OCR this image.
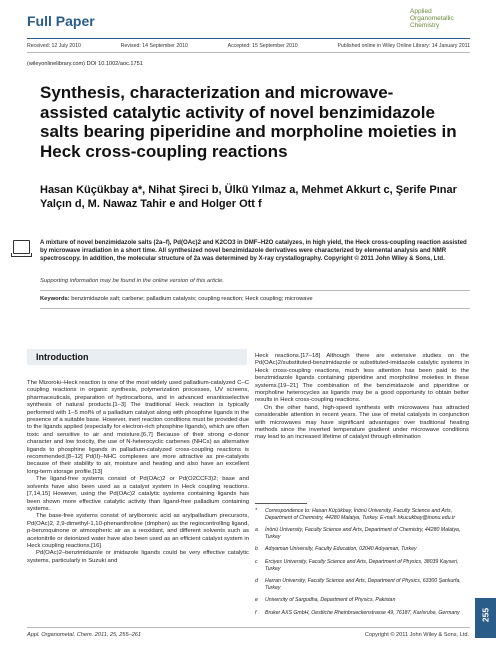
Full Paper
Applied
Organometallic
Chemistry
Received: 12 July 2010	Revised: 14 September 2010	Accepted: 15 September 2010	Published online in Wiley Online Library: 14 January 2011
(wileyonlinelibrary.com) DOI 10.1002/aoc.1751
Synthesis, characterization and microwave-assisted catalytic activity of novel benzimidazole salts bearing piperidine and morpholine moieties in Heck cross-coupling reactions
Hasan Küçükbay a*, Nihat Şireci b, Ülkü Yılmaz a, Mehmet Akkurt c, Şerife Pınar Yalçın d, M. Nawaz Tahir e and Holger Ott f
A mixture of novel benzimidazole salts (2a–f), Pd(OAc)2 and K2CO3 in DMF–H2O catalyzes, in high yield, the Heck cross-coupling reaction assisted by microwave irradiation in a short time. All synthesized novel benzimidazole derivatives were characterized by elemental analysis and NMR spectroscopy. In addition, the molecular structure of 2a was determined by X-ray crystallography. Copyright © 2011 John Wiley & Sons, Ltd.
Supporting information may be found in the online version of this article.
Keywords: benzimidazole salt; carbene; palladium catalysis; coupling reaction; Heck coupling; microwave
Introduction

The Mizoroki–Heck reaction is one of the most widely used palladium-catalyzed C–C coupling reactions in organic synthesis, polymerization processes, UV screens, pharmaceuticals, preparation of hydrocarbons, and in advanced enantioselective synthesis of natural products.[1–3] The traditional Heck reaction is typically performed with 1–5 mol% of a palladium catalyst along with phosphine ligands in the presence of a suitable base. However, inert reaction conditions must be provided due to the ligands applied (especially for electron-rich phosphine ligands), which are often toxic and sensitive to air and moisture.[6,7] Because of their strong σ-donor character and low toxicity, the use of N-heterocyclic carbenes (NHCs) as alternative ligands to phosphine ligands in palladium-catalyzed cross-coupling reactions is recommended.[8–12] Pd(II)–NHC complexes are more attractive as pre-catalysts because of their stability to air, moisture and heating and also have an excellent long-term storage profile.[13]

The ligand-free systems consist of Pd(OAc)2 or Pd(O2CCF3)2; base and solvents have also been used as a catalyst system in Heck coupling reactions.[7,14,15] However, using the Pd(OAc)2 catalytic systems containing ligands has been shown more effective catalytic activity than ligand-free palladium containing systems.

The base-free systems consist of arylboronic acid as arylpalladium precursors, Pd(OAc)2, 2,9-dimethyl-1,10-phenanthroline (dmphen) as the regiocontrolling ligand, p-benzoquinone or atmospheric air as a reoxidant, and different solvents such as acetonitrile or deionized water have also been used as an efficient catalyst system in Heck coupling reactions.[16]

Pd(OAc)2–benzimidazole or imidazole ligands could be very effective catalytic systems, particularly in Suzuki and

Heck reactions.[17–18] Although there are extensive studies on the Pd(OAc)2/substituted-benzimidazole or substituted-imidazole catalytic systems in Heck cross-coupling reactions, much less attention has been paid to the benzimidazole ligands containing piperidine and morpholine moieties in these systems.[19–21] The combination of the benzimidazole and piperidine or morpholine heterocycles as ligands may be a good opportunity to obtain better results in Heck cross-coupling reactions.

On the other hand, high-speed synthesis with microwaves has attracted considerable attention in recent years. The use of metal catalysts in conjunction with microwaves may have significant advantages over traditional heating methods since the inverted temperature gradient under microwave conditions may lead to an increased lifetime of catalyst through elimination

*	Correspondence to: Hasan Küçükbay, İnönü University, Faculty Science and Arts, Department of Chemistry, 44280 Malatya, Turkey. E-mail: hkucukbay@inonu.edu.tr
a	İnönü University, Faculty Science and Arts, Department of Chemistry, 44280 Malatya, Turkey
b	Adıyaman University, Faculty Education, 02040 Adıyaman, Turkey
c	Erciyes University, Faculty Science and Arts, Department of Physics, 38039 Kayseri, Turkey
d	Harran University, Faculty Science and Arts, Department of Physics, 63300 Şanlıurfa, Turkey
e	University of Sargodha, Department of Physics, Pakistan
f	Bruker AXS GmbH, Oestliche Rheinbrueckenstrasse 49, 76187, Karlsruhe, Germany
Appl. Organometal. Chem. 2011, 25, 255–261	Copyright © 2011 John Wiley & Sons, Ltd.
255
